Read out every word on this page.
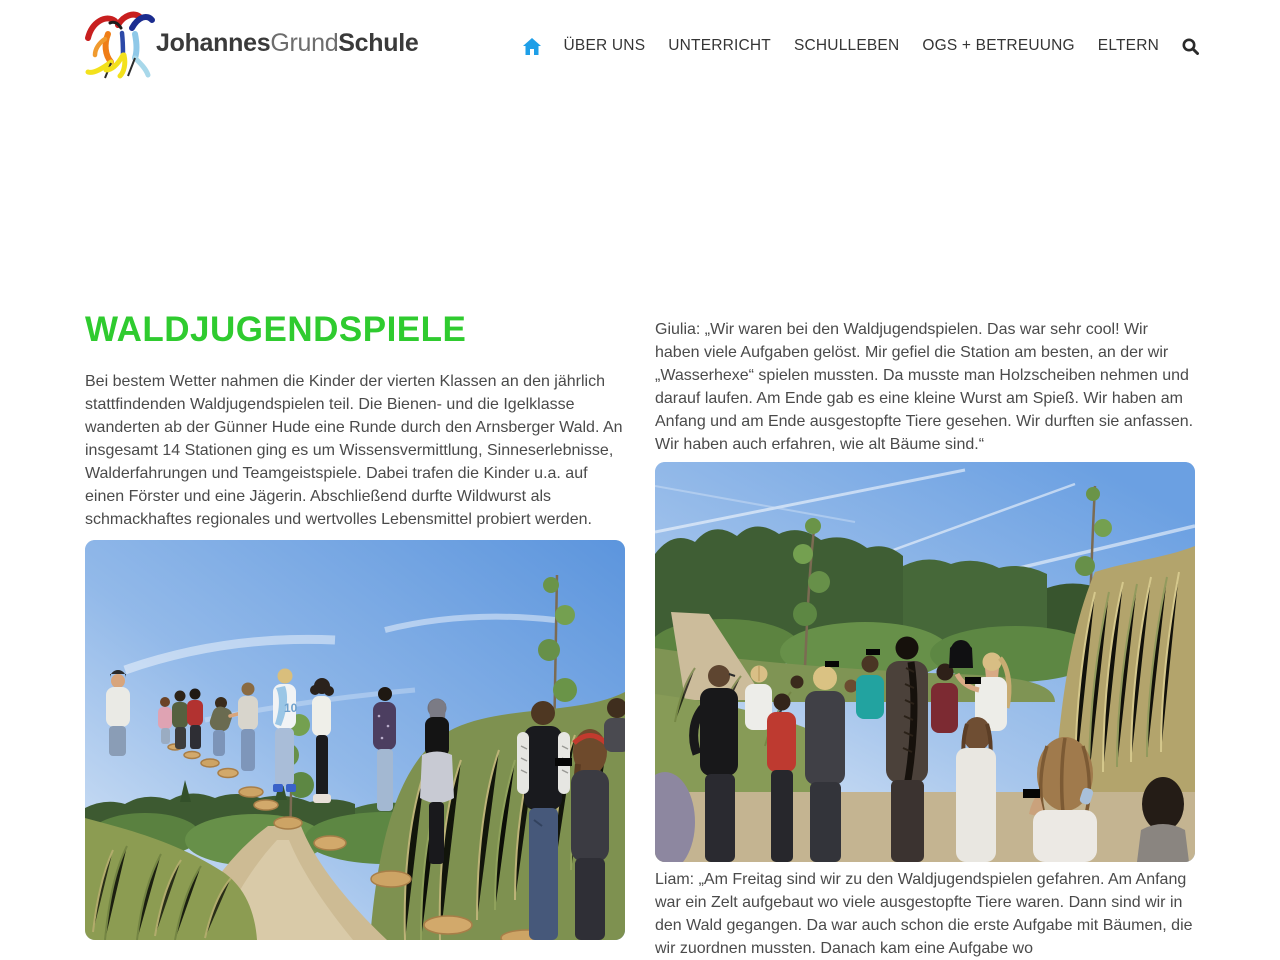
JohannesGrundSchule	ÜBER UNS UNTERRICHT SCHULLEBEN OGS + BETREUUNG ELTERN
WALDJUGENDSPIELE

Bei bestem Wetter nahmen die Kinder der vierten Klassen an den jährlich stattfindenden Waldjugendspielen teil. Die Bienen- und die Igelklasse wanderten ab der Günner Hude eine Runde durch den Arnsberger Wald. An insgesamt 14 Stationen ging es um Wissensvermittlung, Sinneserlebnisse, Walderfahrungen und Teamgeistspiele. Dabei trafen die Kinder u.a. auf einen Förster und eine Jägerin. Abschließend durfte Wildwurst als schmackhaftes regionales und wertvolles Lebensmittel probiert werden.

10

Giulia: „Wir waren bei den Waldjugendspielen. Das war sehr cool! Wir haben viele Aufgaben gelöst. Mir gefiel die Station am besten, an der wir „Wasserhexe“ spielen mussten. Da musste man Holzscheiben nehmen und darauf laufen. Am Ende gab es eine kleine Wurst am Spieß. Wir haben am Anfang und am Ende ausgestopfte Tiere gesehen. Wir durften sie anfassen. Wir haben auch erfahren, wie alt Bäume sind.“

Liam: „Am Freitag sind wir zu den Waldjugendspielen gefahren. Am Anfang war ein Zelt aufgebaut wo viele ausgestopfte Tiere waren. Dann sind wir in den Wald gegangen. Da war auch schon die erste Aufgabe mit Bäumen, die wir zuordnen mussten. Danach kam eine Aufgabe wo
